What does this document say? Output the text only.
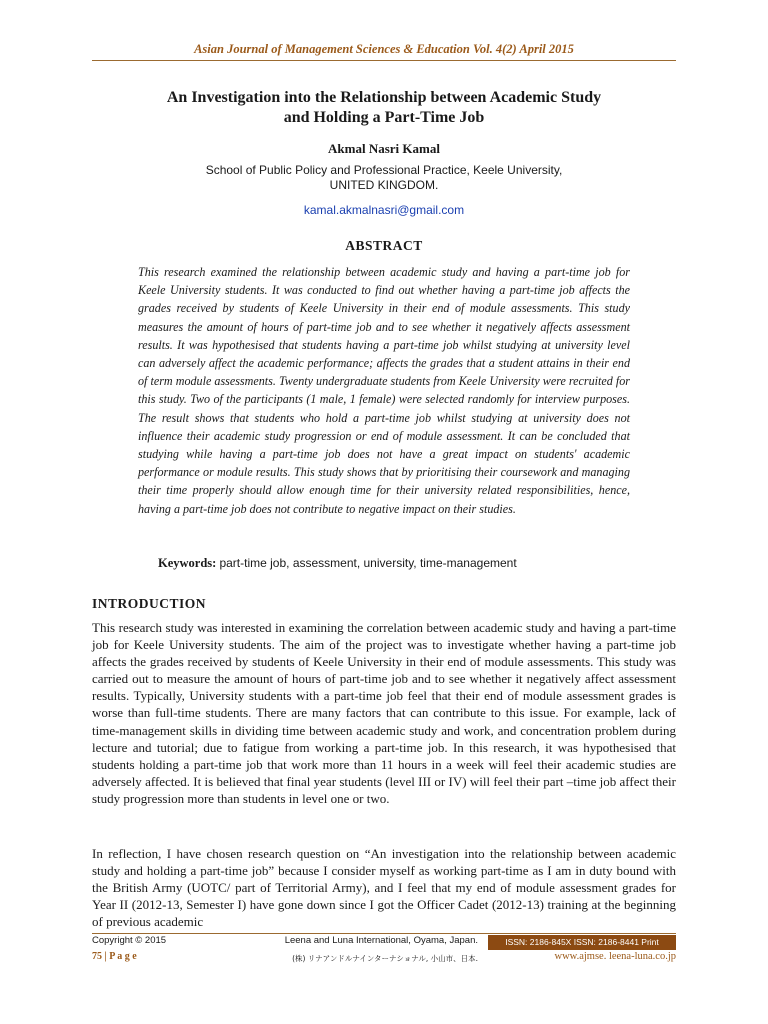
Asian Journal of Management Sciences & Education Vol. 4(2) April 2015
An Investigation into the Relationship between Academic Study
and Holding a Part-Time Job
Akmal Nasri Kamal
School of Public Policy and Professional Practice, Keele University,
UNITED KINGDOM.
kamal.akmalnasri@gmail.com
ABSTRACT

This research examined the relationship between academic study and having a part-time job for Keele University students. It was conducted to find out whether having a part-time job affects the grades received by students of Keele University in their end of module assessments. This study measures the amount of hours of part-time job and to see whether it negatively affects assessment results. It was hypothesised that students having a part-time job whilst studying at university level can adversely affect the academic performance; affects the grades that a student attains in their end of term module assessments. Twenty undergraduate students from Keele University were recruited for this study. Two of the participants (1 male, 1 female) were selected randomly for interview purposes. The result shows that students who hold a part-time job whilst studying at university does not influence their academic study progression or end of module assessment. It can be concluded that studying while having a part-time job does not have a great impact on students' academic performance or module results. This study shows that by prioritising their coursework and managing their time properly should allow enough time for their university related responsibilities, hence, having a part-time job does not contribute to negative impact on their studies.

Keywords: part-time job, assessment, university, time-management
INTRODUCTION

This research study was interested in examining the correlation between academic study and having a part-time job for Keele University students. The aim of the project was to investigate whether having a part-time job affects the grades received by students of Keele University in their end of module assessments. This study was carried out to measure the amount of hours of part-time job and to see whether it negatively affect assessment results. Typically, University students with a part-time job feel that their end of module assessment grades is worse than full-time students. There are many factors that can contribute to this issue. For example, lack of time-management skills in dividing time between academic study and work, and concentration problem during lecture and tutorial; due to fatigue from working a part-time job. In this research, it was hypothesised that students holding a part-time job that work more than 11 hours in a week will feel their academic studies are adversely affected. It is believed that final year students (level III or IV) will feel their part –time job affect their study progression more than students in level one or two.

In reflection, I have chosen research question on “An investigation into the relationship between academic study and holding a part-time job” because I consider myself as working part-time as I am in duty bound with the British Army (UOTC/ part of Territorial Army), and I feel that my end of module assessment grades for Year II (2012-13, Semester I) have gone down since I got the Officer Cadet (2012-13) training at the beginning of previous academic

Copyright © 2015
75 | P a g e
Leena and Luna International, Oyama, Japan.
(株) リナアンドルナインターナショナル, 小山市、日本.
ISSN: 2186-845X ISSN: 2186-8441 Print
www.ajmse. leena-luna.co.jp
